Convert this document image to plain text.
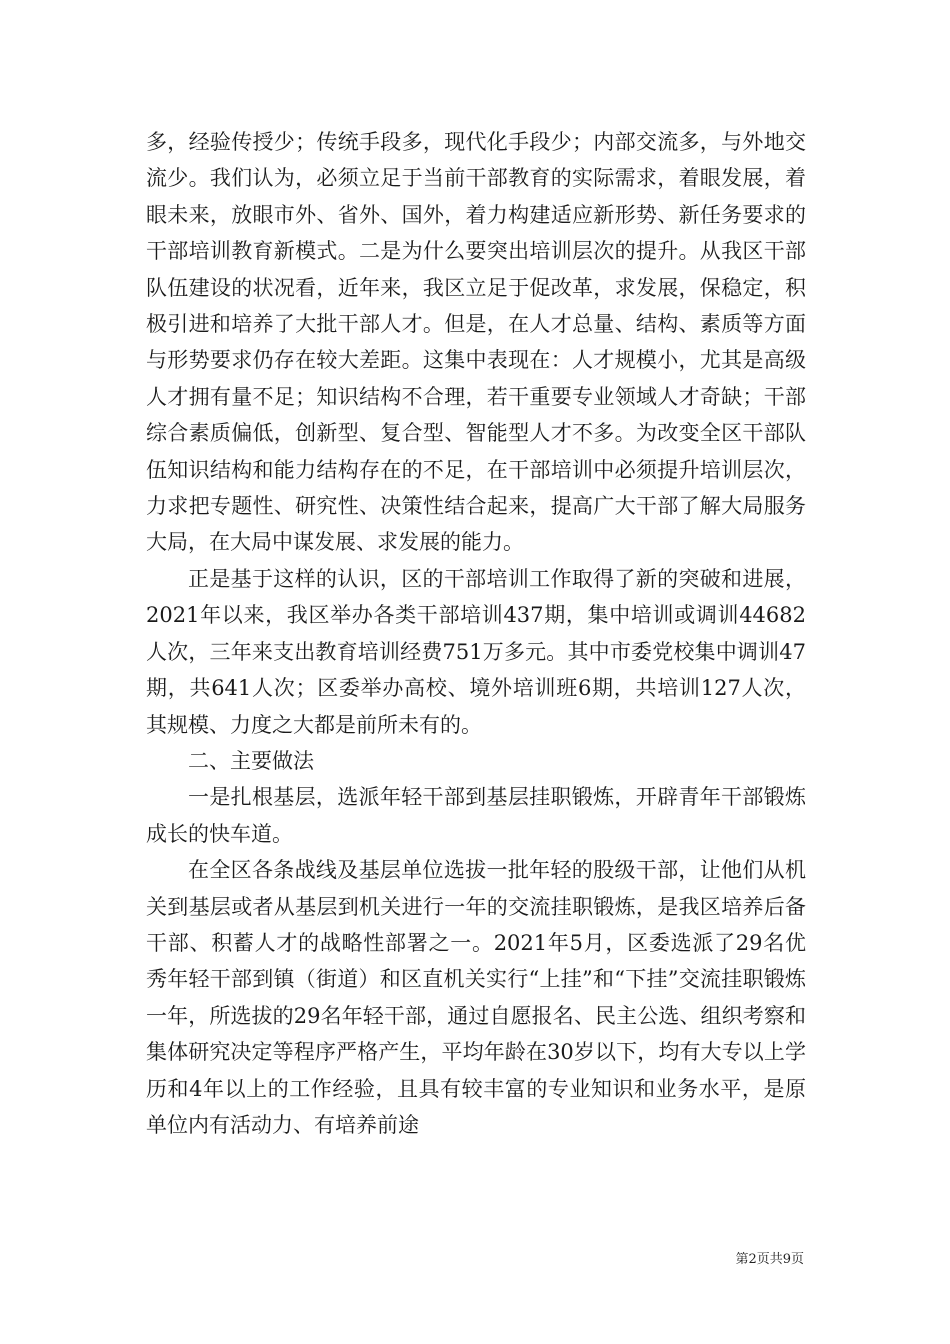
多，经验传授少；传统手段多，现代化手段少；内部交流多，与外地交流少。我们认为，必须立足于当前干部教育的实际需求，着眼发展，着眼未来，放眼市外、省外、国外，着力构建适应新形势、新任务要求的干部培训教育新模式。二是为什么要突出培训层次的提升。从我区干部队伍建设的状况看，近年来，我区立足于促改革，求发展，保稳定，积极引进和培养了大批干部人才。但是，在人才总量、结构、素质等方面与形势要求仍存在较大差距。这集中表现在：人才规模小，尤其是高级人才拥有量不足；知识结构不合理，若干重要专业领域人才奇缺；干部综合素质偏低，创新型、复合型、智能型人才不多。为改变全区干部队伍知识结构和能力结构存在的不足，在干部培训中必须提升培训层次，力求把专题性、研究性、决策性结合起来，提高广大干部了解大局服务大局，在大局中谋发展、求发展的能力。

正是基于这样的认识，区的干部培训工作取得了新的突破和进展，2021年以来，我区举办各类干部培训437期，集中培训或调训44682人次，三年来支出教育培训经费751万多元。其中市委党校集中调训47期，共641人次；区委举办高校、境外培训班6期，共培训127人次，其规模、力度之大都是前所未有的。

二、主要做法

一是扎根基层，选派年轻干部到基层挂职锻炼，开辟青年干部锻炼成长的快车道。

在全区各条战线及基层单位选拔一批年轻的股级干部，让他们从机关到基层或者从基层到机关进行一年的交流挂职锻炼，是我区培养后备干部、积蓄人才的战略性部署之一。2021年5月，区委选派了29名优秀年轻干部到镇（街道）和区直机关实行“上挂”和“下挂”交流挂职锻炼一年，所选拔的29名年轻干部，通过自愿报名、民主公选、组织考察和集体研究决定等程序严格产生，平均年龄在30岁以下，均有大专以上学历和4年以上的工作经验，且具有较丰富的专业知识和业务水平，是原单位内有活动力、有培养前途

第2页共9页
